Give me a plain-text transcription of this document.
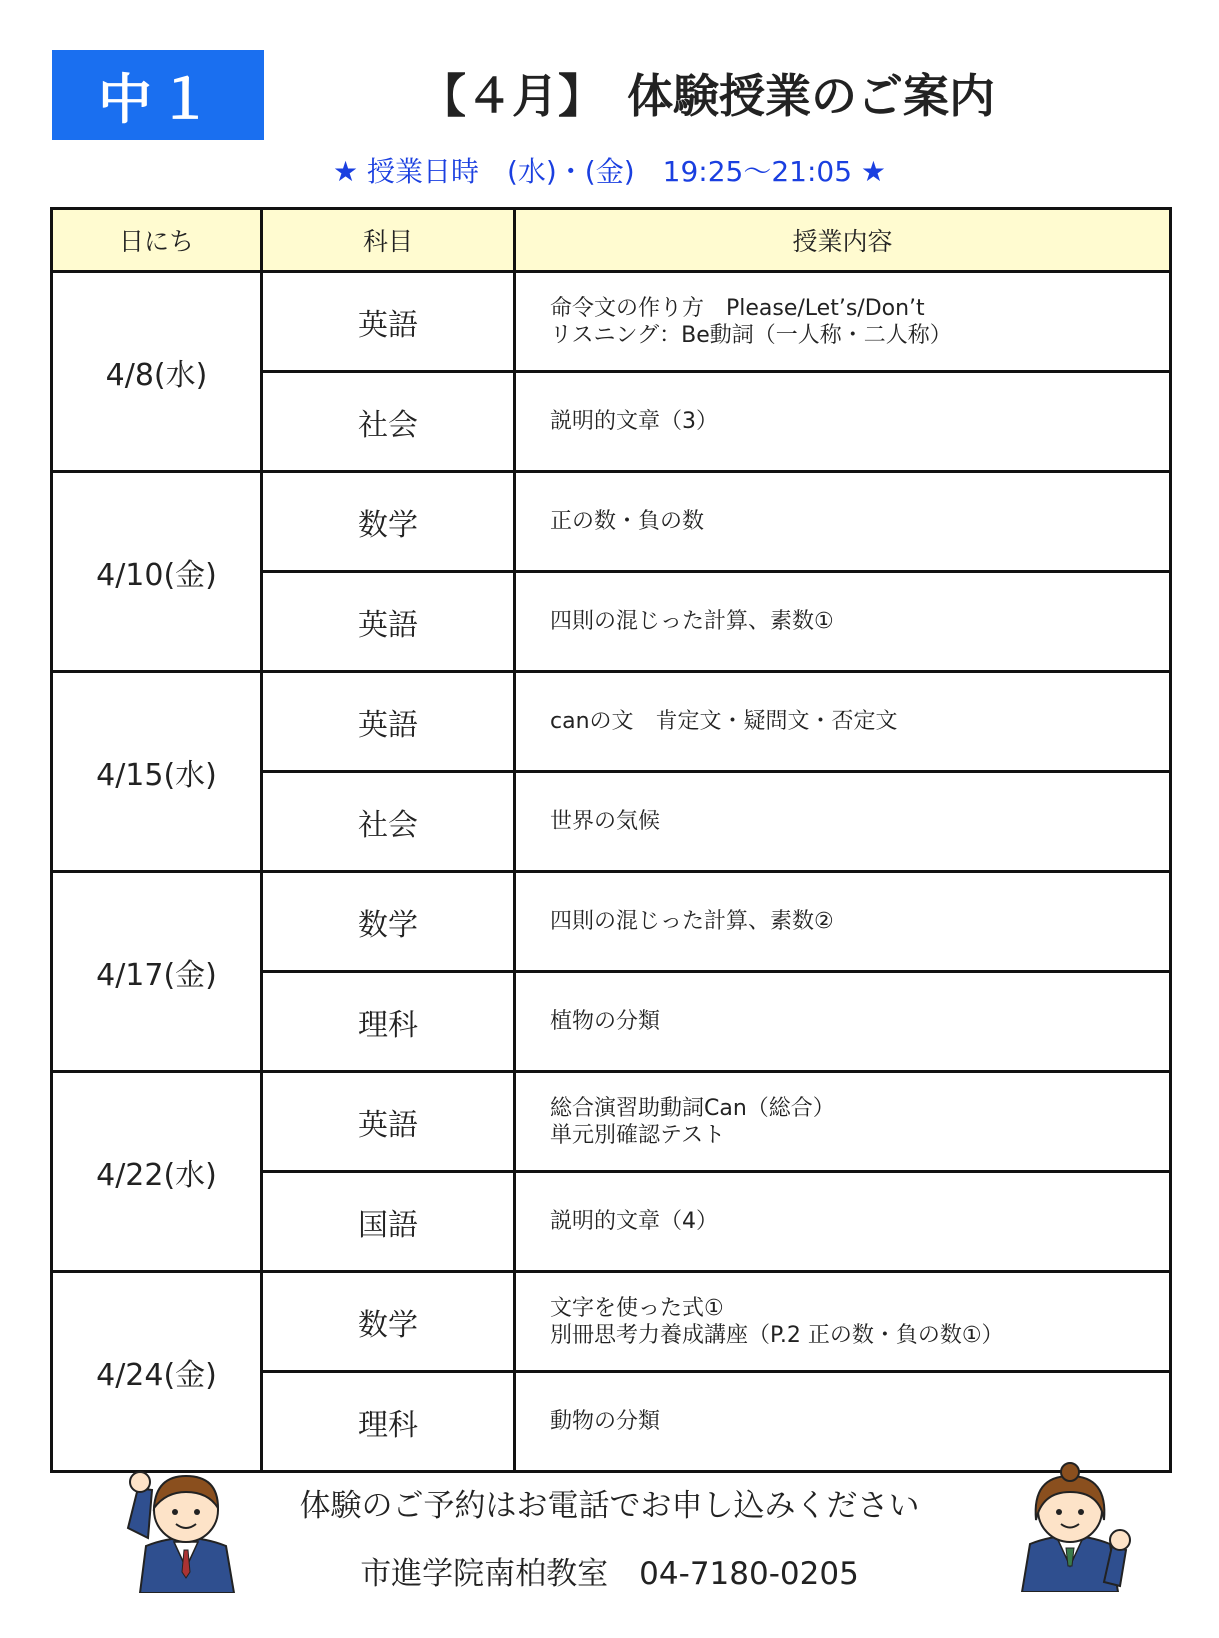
中１	【４月】　体験授業のご案内
★ 授業日時　(水)・(金)　19:25～21:05 ★
日にち	科目	授業内容
4/8(水)	英語	命令文の作り方　Please/Let’s/Don’t
リスニング：Be動詞（一人称・二人称）

	社会	説明的文章（3）

4/10(金)	数学	正の数・負の数

	英語	四則の混じった計算、素数①

4/15(水)	英語	canの文　肯定文・疑問文・否定文

	社会	世界の気候

4/17(金)	数学	四則の混じった計算、素数②

	理科	植物の分類

4/22(水)	英語	総合演習助動詞Can（総合）
単元別確認テスト

	国語	説明的文章（4）

4/24(金)	数学	文字を使った式①
別冊思考力養成講座（P.2 正の数・負の数①）

	理科	動物の分類
体験のご予約はお電話でお申し込みください
市進学院南柏教室　04-7180-0205
